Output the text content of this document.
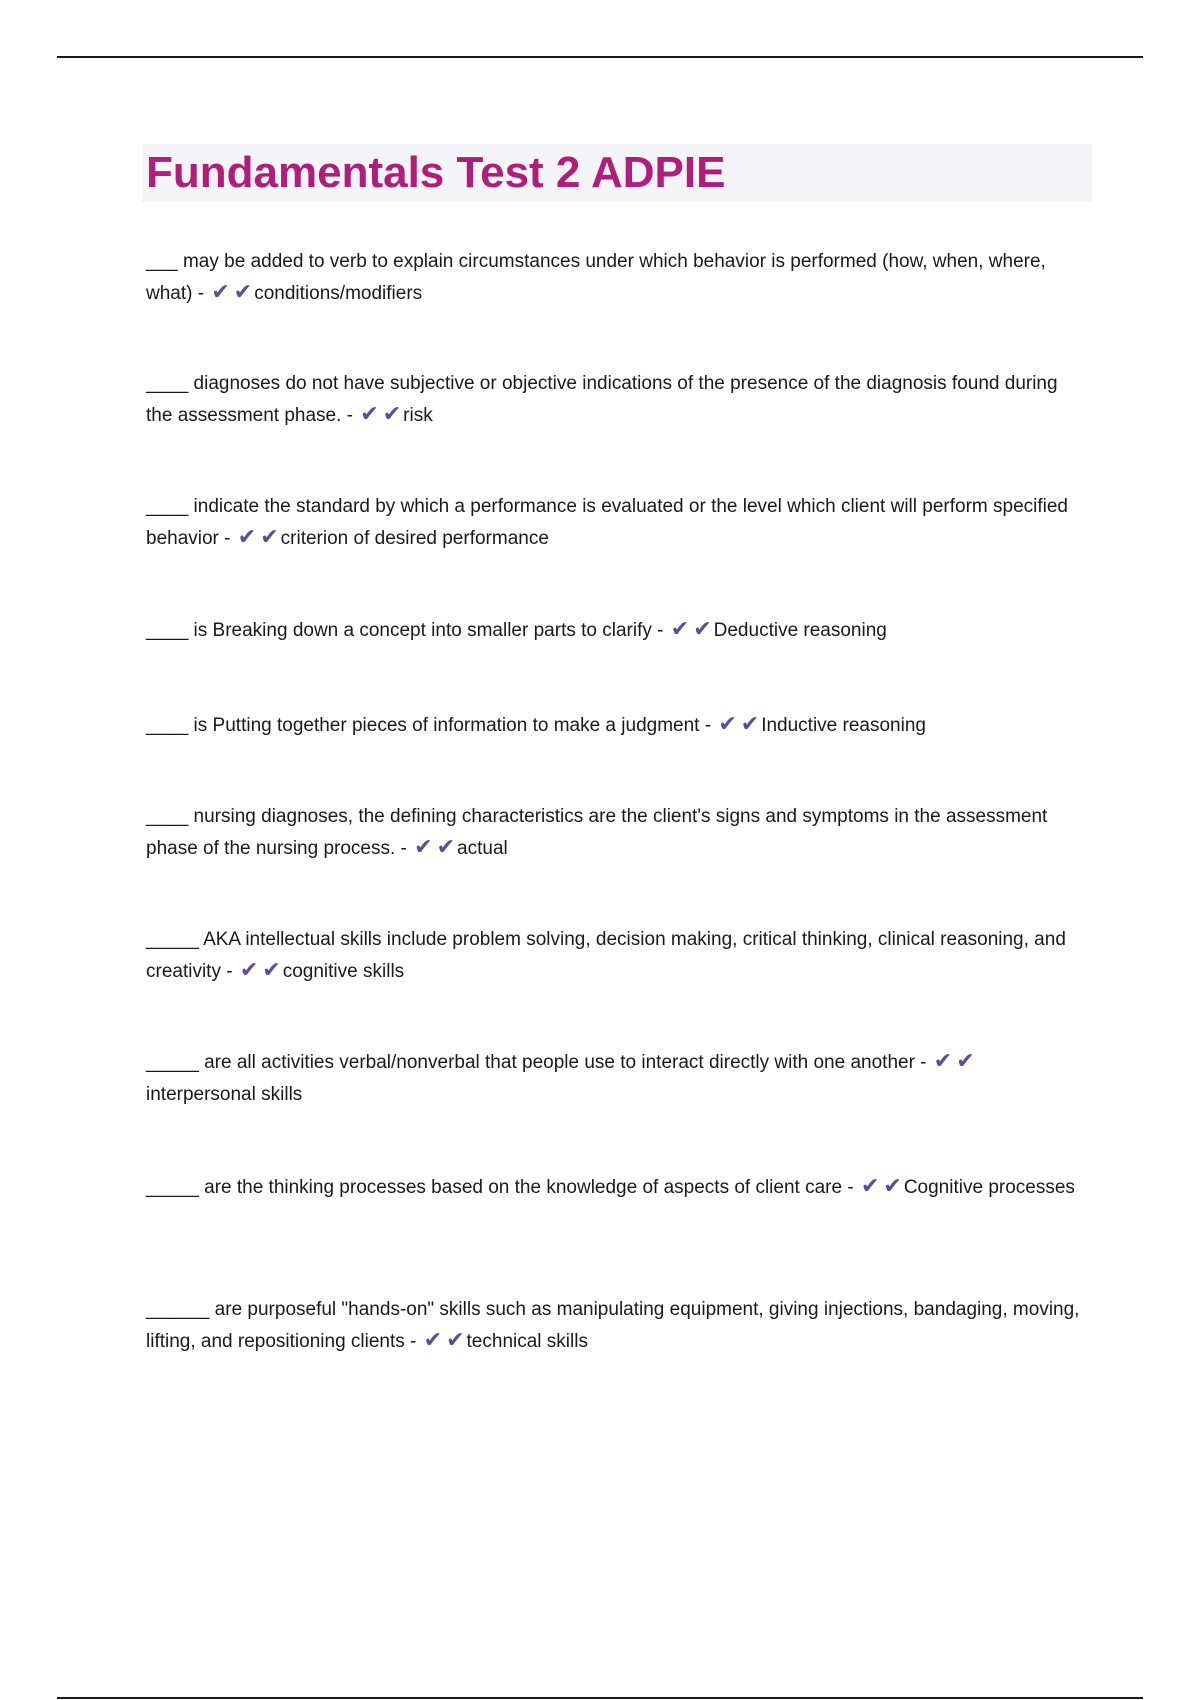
Fundamentals Test 2 ADPIE
___ may be added to verb to explain circumstances under which behavior is performed (how, when, where, what) - ✔ ✔ conditions/modifiers
____ diagnoses do not have subjective or objective indications of the presence of the diagnosis found during the assessment phase. - ✔ ✔ risk
____ indicate the standard by which a performance is evaluated or the level which client will perform specified behavior - ✔ ✔ criterion of desired performance
____ is Breaking down a concept into smaller parts to clarify - ✔ ✔ Deductive reasoning
____ is Putting together pieces of information to make a judgment - ✔ ✔ Inductive reasoning
____ nursing diagnoses, the defining characteristics are the client's signs and symptoms in the assessment phase of the nursing process. - ✔ ✔ actual
_____ AKA intellectual skills include problem solving, decision making, critical thinking, clinical reasoning, and creativity - ✔ ✔ cognitive skills
_____ are all activities verbal/nonverbal that people use to interact directly with one another - ✔ ✔interpersonal skills
_____ are the thinking processes based on the knowledge of aspects of client care - ✔ ✔ Cognitive processes
______ are purposeful "hands-on" skills such as manipulating equipment, giving injections, bandaging, moving, lifting, and repositioning clients - ✔ ✔ technical skills
